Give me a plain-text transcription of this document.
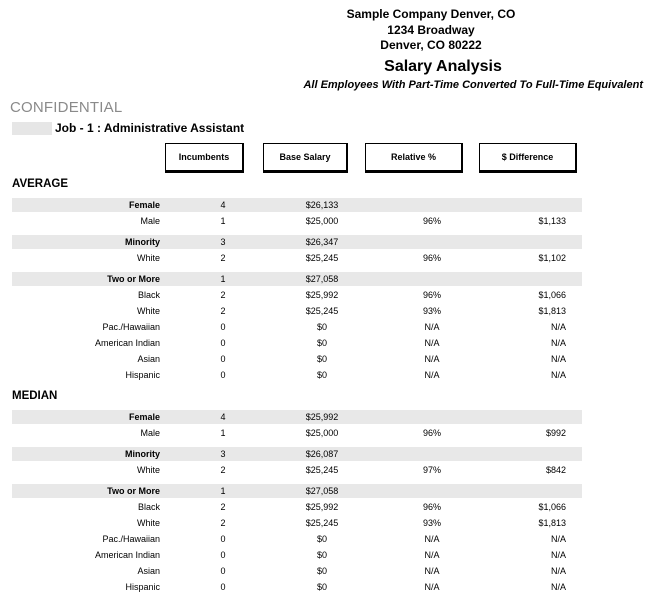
Sample Company Denver, CO
1234 Broadway
Denver, CO 80222
Salary Analysis
All Employees With Part-Time Converted To Full-Time Equivalent
CONFIDENTIAL
Job - 1 : Administrative Assistant
Incumbents	Base Salary	Relative %	$ Difference
AVERAGE
Female	4	$26,133
Male	1	$25,000	96%	$1,133
Minority	3	$26,347
White	2	$25,245	96%	$1,102
Two or More	1	$27,058
Black	2	$25,992	96%	$1,066
White	2	$25,245	93%	$1,813
Pac./Hawaiian	0	$0	N/A	N/A
American Indian	0	$0	N/A	N/A
Asian	0	$0	N/A	N/A
Hispanic	0	$0	N/A	N/A
MEDIAN
Female	4	$25,992
Male	1	$25,000	96%	$992
Minority	3	$26,087
White	2	$25,245	97%	$842
Two or More	1	$27,058
Black	2	$25,992	96%	$1,066
White	2	$25,245	93%	$1,813
Pac./Hawaiian	0	$0	N/A	N/A
American Indian	0	$0	N/A	N/A
Asian	0	$0	N/A	N/A
Hispanic	0	$0	N/A	N/A
